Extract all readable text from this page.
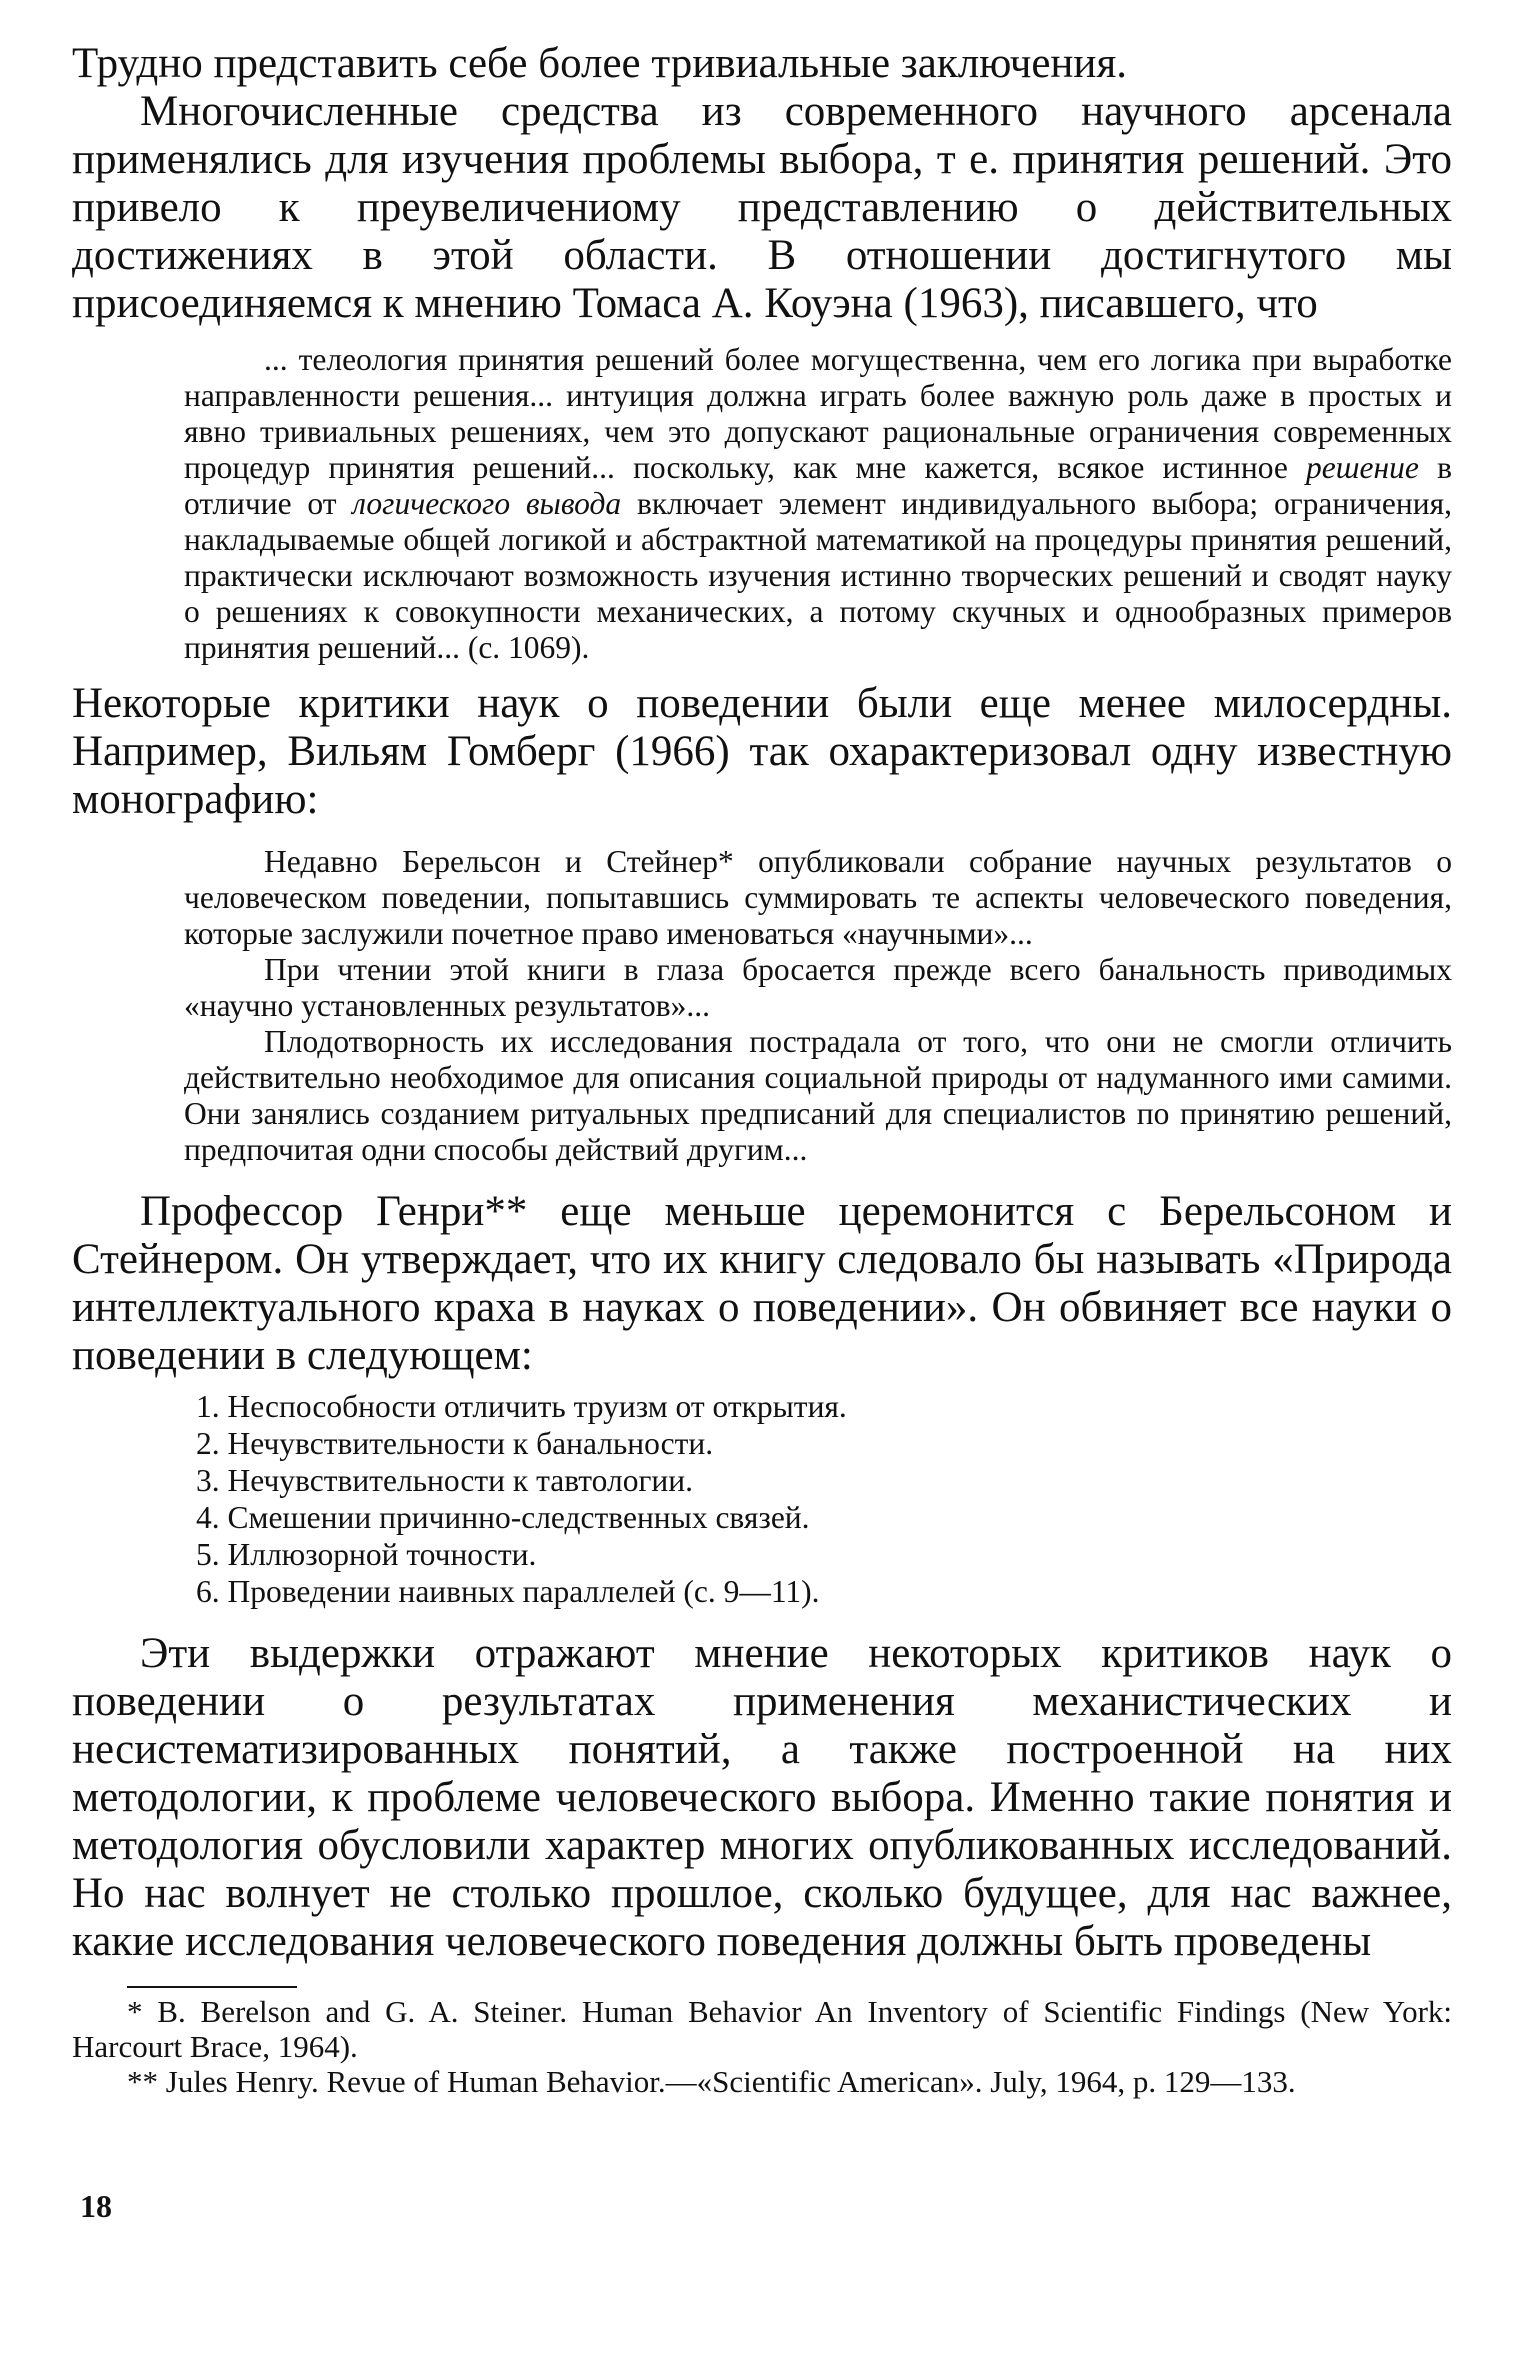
Трудно представить себе более тривиальные заключения.

Многочисленные средства из современного научного арсенала применялись для изучения проблемы выбора, т е. принятия решений. Это привело к преувеличениому представлению о действительных достижениях в этой области. В отношении достигнутого мы присоединяемся к мнению Томаса А. Коуэна (1963), писавшего, что

... телеология принятия решений более могущественна, чем его логика при выработке направленности решения... интуиция должна играть более важную роль даже в простых и явно тривиальных решениях, чем это допускают рациональные ограничения современных процедур принятия решений... поскольку, как мне кажется, всякое истинное решение в отличие от логического вывода включает элемент индивидуального выбора; ограничения, накладываемые общей логикой и абстрактной математикой на процедуры принятия решений, практически исключают возможность изучения истинно творческих решений и сводят науку о решениях к совокупности механических, а потому скучных и однообразных примеров принятия решений... (с. 1069).

Некоторые критики наук о поведении были еще менее милосердны. Например, Вильям Гомберг (1966) так охарактеризовал одну известную монографию:

Недавно Берельсон и Стейнер* опубликовали собрание научных результатов о человеческом поведении, попытавшись суммировать те аспекты человеческого поведения, которые заслужили почетное право именоваться «научными»...

При чтении этой книги в глаза бросается прежде всего банальность приводимых «научно установленных результатов»...

Плодотворность их исследования пострадала от того, что они не смогли отличить действительно необходимое для описания социальной природы от надуманного ими самими. Они занялись созданием ритуальных предписаний для специалистов по принятию решений, предпочитая одни способы действий другим...

Профессор Генри** еще меньше церемонится с Берельсоном и Стейнером. Он утверждает, что их книгу следовало бы называть «Природа интеллектуального краха в науках о поведении». Он обвиняет все науки о поведении в следующем:

1. Неспособности отличить труизм от открытия.
2. Нечувствительности к банальности.
3. Нечувствительности к тавтологии.
4. Смешении причинно-следственных связей.
5. Иллюзорной точности.
6. Проведении наивных параллелей (с. 9—11).

Эти выдержки отражают мнение некоторых критиков наук о поведении о результатах применения механистических и несистематизированных понятий, а также построенной на них методологии, к проблеме человеческого выбора. Именно такие понятия и методология обусловили характер многих опубликованных исследований. Но нас волнует не столько прошлое, сколько будущее, для нас важнее, какие исследования человеческого поведения должны быть проведены

* B. Berelson and G. A. Steiner. Human Behavior An Inventory of Scientific Findings (New York: Harcourt Brace, 1964).

** Jules Henry. Revue of Human Behavior.—«Scientific American». July, 1964, p. 129—133.

18
